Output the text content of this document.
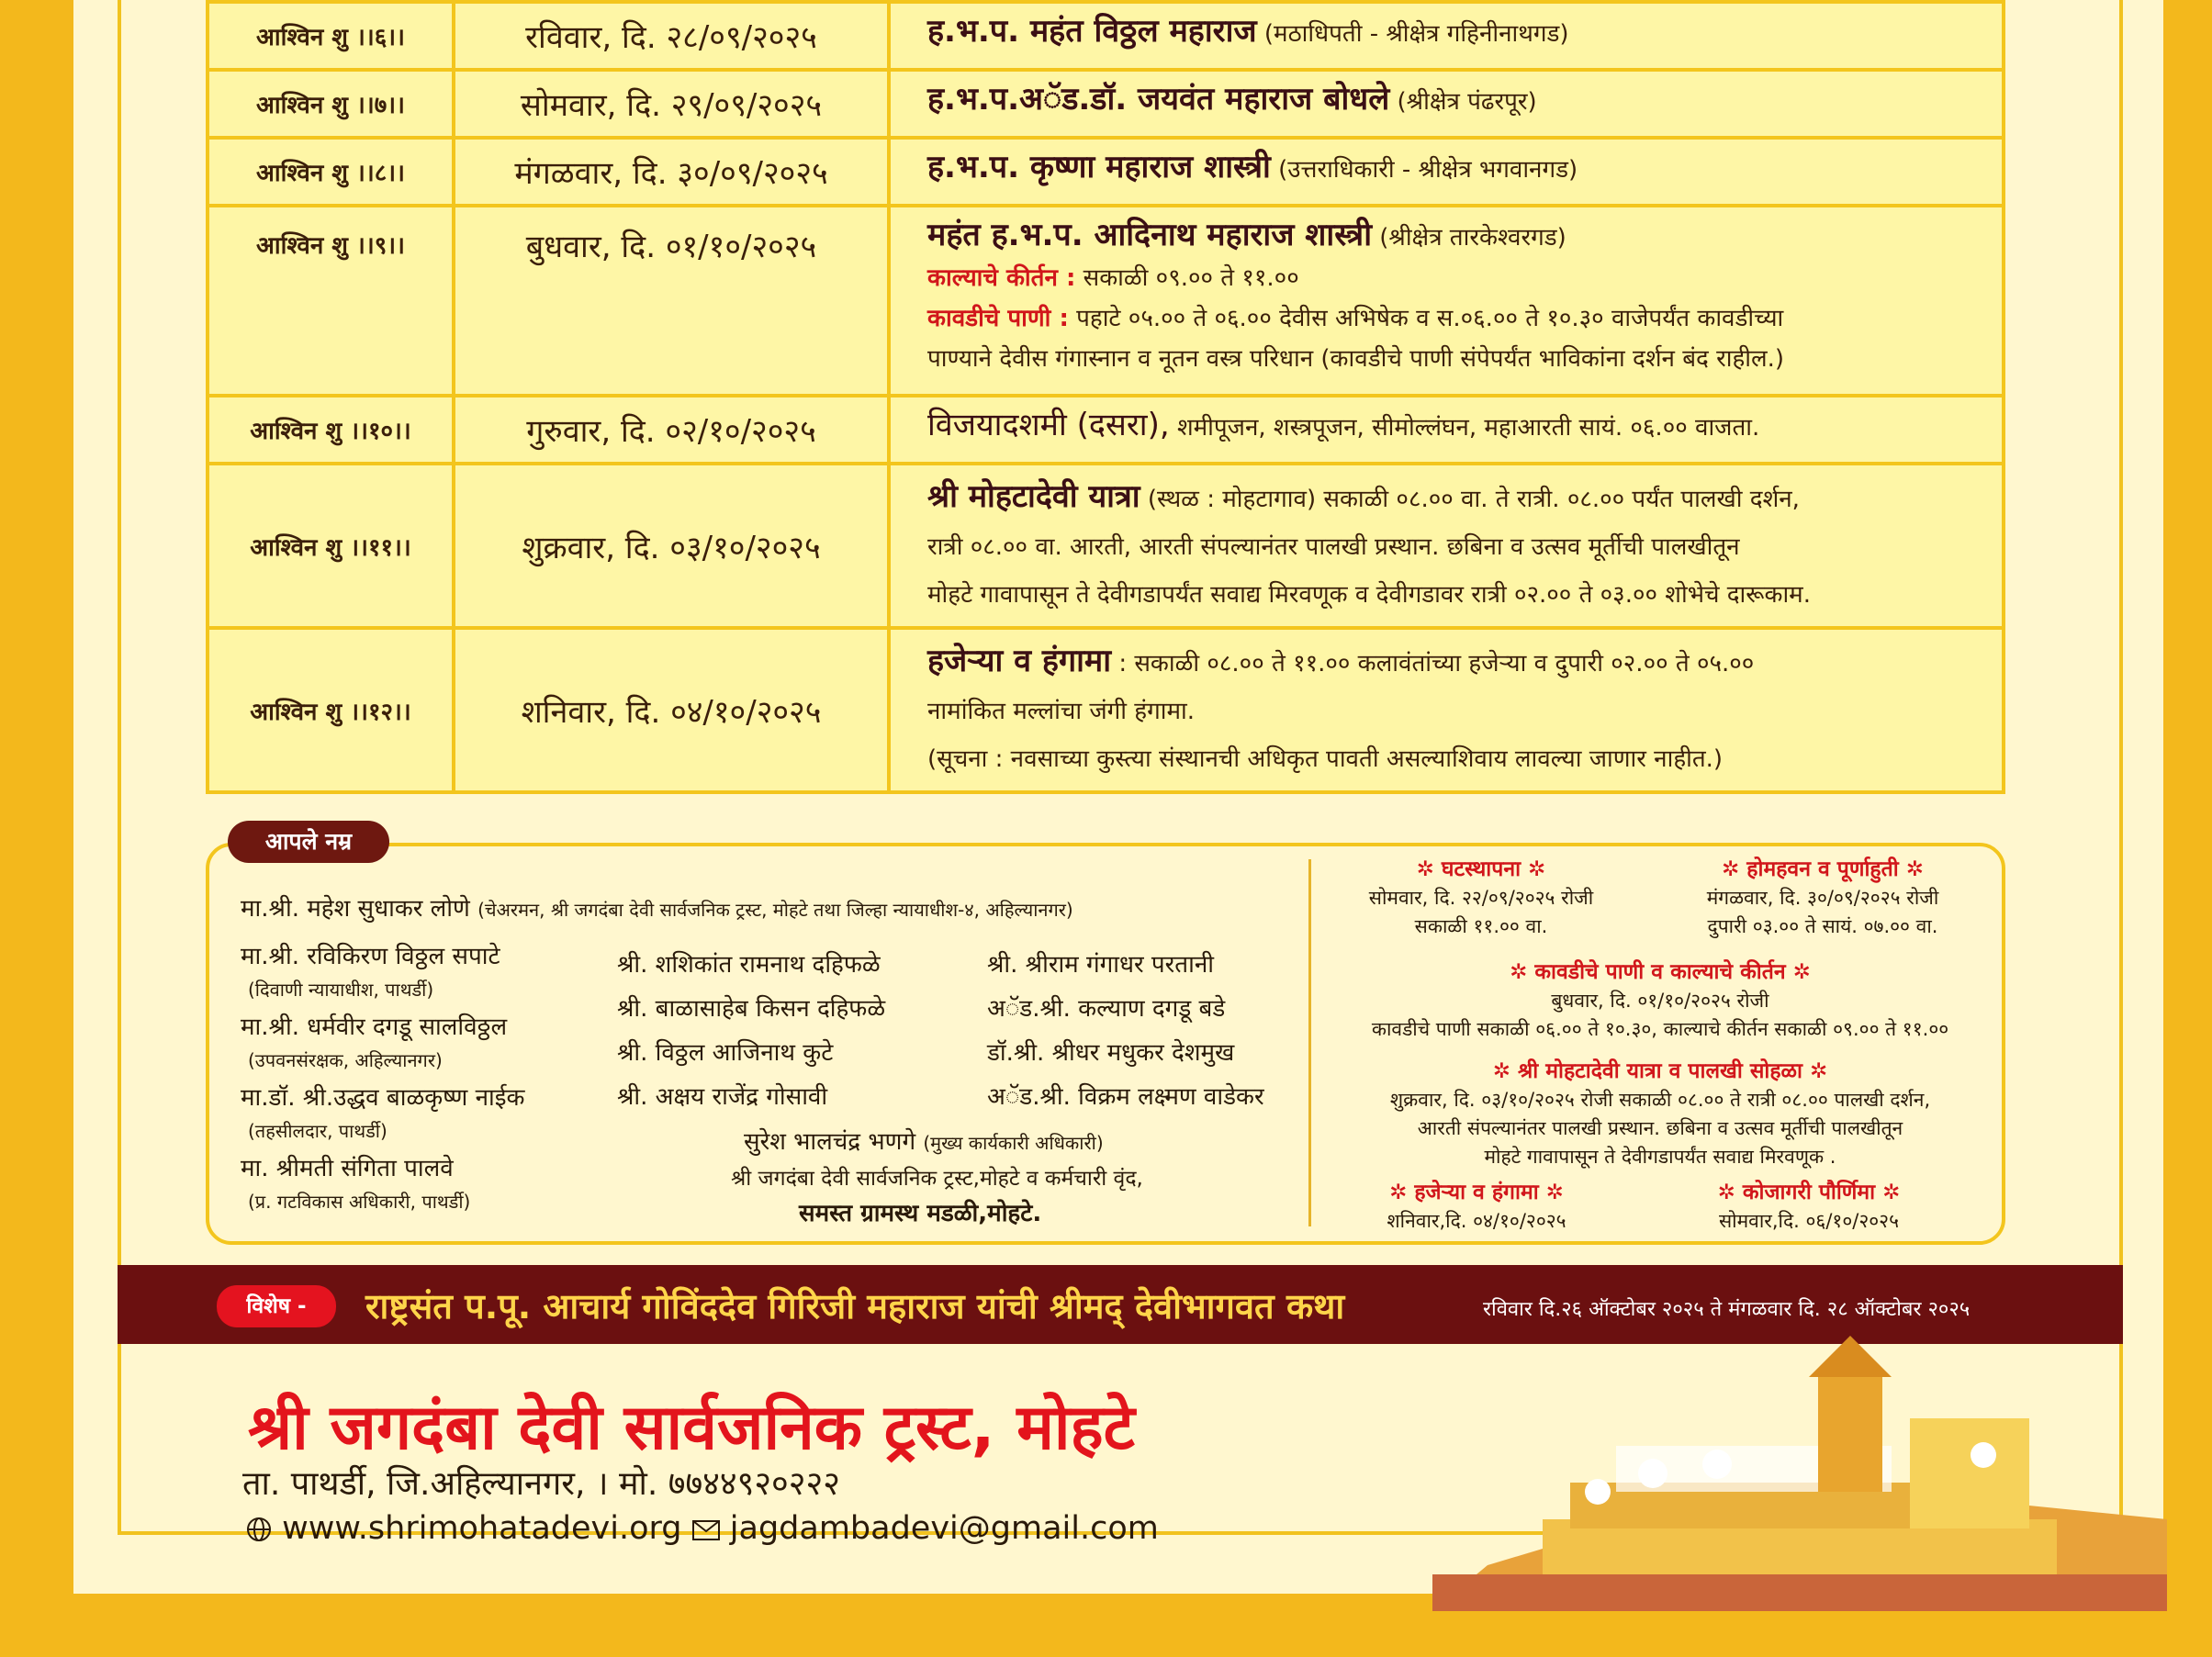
आश्विन शु ।।६।।	रविवार, दि. २८/०९/२०२५	ह.भ.प. महंत विठ्ठल महाराज (मठाधिपती - श्रीक्षेत्र गहिनीनाथगड)
आश्विन शु ।।७।।	सोमवार, दि. २९/०९/२०२५	ह.भ.प.अॅड.डॉ. जयवंत महाराज बोधले (श्रीक्षेत्र पंढरपूर)
आश्विन शु ।।८।।	मंगळवार, दि. ३०/०९/२०२५	ह.भ.प. कृष्णा महाराज शास्त्री (उत्तराधिकारी - श्रीक्षेत्र भगवानगड)
आश्विन शु ।।९।।	बुधवार, दि. ०१/१०/२०२५	महंत ह.भ.प. आदिनाथ महाराज शास्त्री (श्रीक्षेत्र तारकेश्वरगड)
काल्याचे कीर्तन : सकाळी ०९.०० ते ११.००
कावडीचे पाणी : पहाटे ०५.०० ते ०६.०० देवीस अभिषेक व स.०६.०० ते १०.३० वाजेपर्यंत कावडीच्या
पाण्याने देवीस गंगास्नान व नूतन वस्त्र परिधान (कावडीचे पाणी संपेपर्यंत भाविकांना दर्शन बंद राहील.)

आश्विन शु ।।१०।।	गुरुवार, दि. ०२/१०/२०२५	विजयादशमी (दसरा), शमीपूजन, शस्त्रपूजन, सीमोल्लंघन, महाआरती सायं. ०६.०० वाजता.
आश्विन शु ।।११।।	शुक्रवार, दि. ०३/१०/२०२५	श्री मोहटादेवी यात्रा (स्थळ : मोहटागाव) सकाळी ०८.०० वा. ते रात्री. ०८.०० पर्यंत पालखी दर्शन,
रात्री ०८.०० वा. आरती, आरती संपल्यानंतर पालखी प्रस्थान. छबिना व उत्सव मूर्तीची पालखीतून
मोहटे गावापासून ते देवीगडापर्यंत सवाद्य मिरवणूक व देवीगडावर रात्री ०२.०० ते ०३.०० शोभेचे दारूकाम.

आश्विन शु ।।१२।।	शनिवार, दि. ०४/१०/२०२५	हजेऱ्या व हंगामा : सकाळी ०८.०० ते ११.०० कलावंतांच्या हजेऱ्या व दुपारी ०२.०० ते ०५.००
नामांकित मल्लांचा जंगी हंगामा.
(सूचना : नवसाच्या कुस्त्या संस्थानची अधिकृत पावती असल्याशिवाय लावल्या जाणार नाहीत.)
आपले नम्र
मा.श्री. महेश सुधाकर लोणे (चेअरमन, श्री जगदंबा देवी सार्वजनिक ट्रस्ट, मोहटे तथा जिल्हा न्यायाधीश-४, अहिल्यानगर)
मा.श्री. रविकिरण विठ्ठल सपाटे
(दिवाणी न्यायाधीश, पाथर्डी)
मा.श्री. धर्मवीर दगडू सालविठ्ठल
(उपवनसंरक्षक, अहिल्यानगर)
मा.डॉ. श्री.उद्धव बाळकृष्ण नाईक
(तहसीलदार, पाथर्डी)
मा. श्रीमती संगिता पालवे
(प्र. गटविकास अधिकारी, पाथर्डी)
श्री. शशिकांत रामनाथ दहिफळे
श्री. बाळासाहेब किसन दहिफळे
श्री. विठ्ठल आजिनाथ कुटे
श्री. अक्षय राजेंद्र गोसावी
श्री. श्रीराम गंगाधर परतानी
अॅड.श्री. कल्याण दगडू बडे
डॉ.श्री. श्रीधर मधुकर देशमुख
अॅड.श्री. विक्रम लक्ष्मण वाडेकर
सुरेश भालचंद्र भणगे (मुख्य कार्यकारी अधिकारी)
श्री जगदंबा देवी सार्वजनिक ट्रस्ट,मोहटे व कर्मचारी वृंद,
समस्त ग्रामस्थ मडळी,मोहटे.
✲ घटस्थापना ✲
सोमवार, दि. २२/०९/२०२५ रोजी
सकाळी ११.०० वा.
✲ होमहवन व पूर्णाहुती ✲
मंगळवार, दि. ३०/०९/२०२५ रोजी
दुपारी ०३.०० ते सायं. ०७.०० वा.
✲ कावडीचे पाणी व काल्याचे कीर्तन ✲
बुधवार, दि. ०१/१०/२०२५ रोजी
कावडीचे पाणी सकाळी ०६.०० ते १०.३०, काल्याचे कीर्तन सकाळी ०९.०० ते ११.००
✲ श्री मोहटादेवी यात्रा व पालखी सोहळा ✲
शुक्रवार, दि. ०३/१०/२०२५ रोजी सकाळी ०८.०० ते रात्री ०८.०० पालखी दर्शन,
आरती संपल्यानंतर पालखी प्रस्थान. छबिना व उत्सव मूर्तीची पालखीतून
मोहटे गावापासून ते देवीगडापर्यंत सवाद्य मिरवणूक .
✲ हजेऱ्या व हंगामा ✲
शनिवार,दि. ०४/१०/२०२५
✲ कोजागरी पौर्णिमा ✲
सोमवार,दि. ०६/१०/२०२५
विशेष -	राष्ट्रसंत प.पू. आचार्य गोविंददेव गिरिजी महाराज यांची श्रीमद् देवीभागवत कथा	रविवार दि.२६ ऑक्टोबर २०२५ ते मंगळवार दि. २८ ऑक्टोबर २०२५
श्री जगदंबा देवी सार्वजनिक ट्रस्ट, मोहटे
ता. पाथर्डी, जि.अहिल्यानगर, । मो. ७७४४९२०२२२
www.shrimohatadevi.org jagdambadevi@gmail.com
